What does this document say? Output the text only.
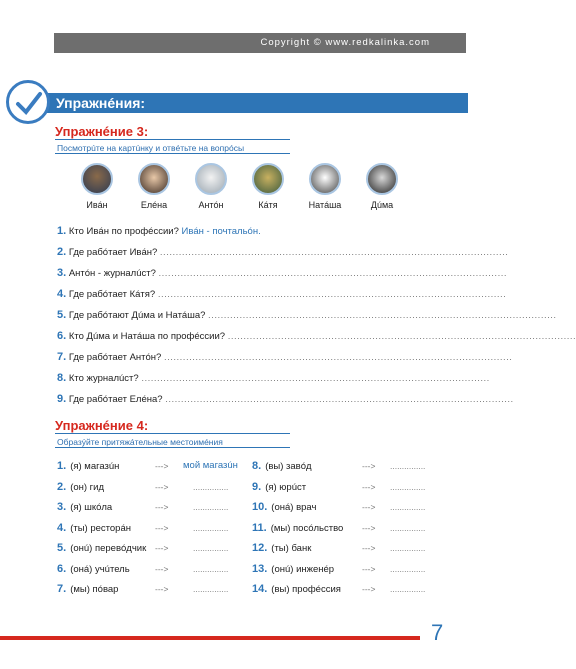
Copyright © www.redkalinka.com
Упражнéния:
Упражнéние 3:
Посмотрúте на картúнку и отвéтьте на вопрóсы
Ивáн	Елéна	Антóн	Кáтя	Натáша	Дúма
1. Кто Ивáн по профéссии? Ивáн - почтальóн.
2. Где рабóтает Ивáн? ...............................................................................................................
3. Антóн - журналúст? ...............................................................................................................
4. Где рабóтает Кáтя? ...............................................................................................................
5. Где рабóтают Дúма и Натáша? ...............................................................................................................
6. Кто Дúма и Натáша по профéссии? ...............................................................................................................
7. Где рабóтает Антóн? ...............................................................................................................
8. Кто журналúст? ...............................................................................................................
9. Где рабóтает Елéна? ...............................................................................................................
Упражнéние 4:
Образýйте притяжáтельные местоимéния
1. (я) магазúн	---> мой магазúн
2. (он) гид	--->	...............
3. (я) шкóла	--->	...............
4. (ты) ресторáн	--->	...............
5. (онú) перевóдчик --->	...............
6. (онá) учúтель	--->	...............
7. (мы) пóвар	--->	...............
8. (вы) завóд	---> ...............
9. (я) юрúст	---> ...............
10. (онá) врач	---> ...............
11. (мы) посóльство ---> ...............
12. (ты) банк	---> ...............
13. (онú) инженéр	---> ...............
14. (вы) профéссия ---> ...............
7
